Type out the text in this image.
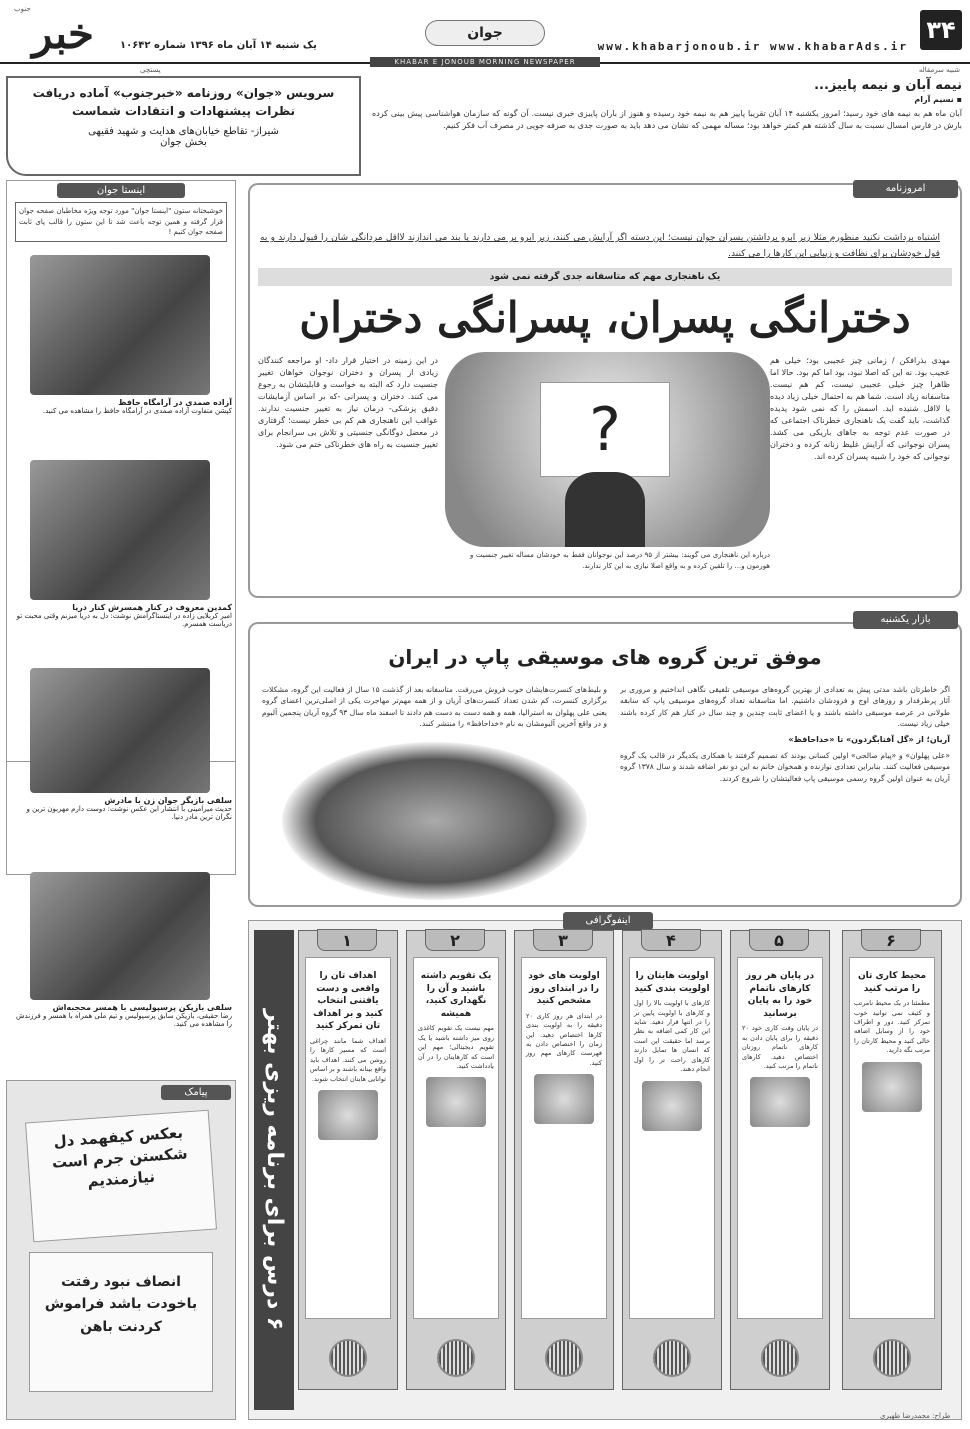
۳۴
www.khabarjonoub.ir www.khabarAds.ir
جوان
KHABAR E JONOUB MORNING NEWSPAPER
یک شنبه ۱۴ آبان ماه ۱۳۹۶ شماره ۱۰۶۴۲
خبر
جنوب
شبیه سرمقاله
پستچی
نیمه آبان و نیمه پاییز...
▪ نسیم آرام
آبان ماه هم به نیمه های خود رسید؛ امروز یکشنبه ۱۴ آبان تقریبا پاییز هم به نیمه خود رسیده و هنوز از باران پاییزی خبری نیست. آن گونه که سازمان هواشناسی پیش بینی کرده بارش در فارس امسال نسبت به سال گذشته هم کمتر خواهد بود؛ مساله مهمی که نشان می دهد باید به صورت جدی به صرفه جویی در مصرف آب فکر کنیم.
سرویس «جوان» روزنامه «خبرجنوب» آماده دریافت نظرات پیشنهادات و انتقادات شماست
شیراز- تقاطع خیابان‌های هدایت و شهید فقیهی
بخش جوان
اینستا جوان
خوشبختانه ستون "اینستا جوان" مورد توجه ویژه مخاطبان صفحه جوان قرار گرفته و همین توجه باعث شد تا این ستون را قالب پای ثابت صفحه جوان کنیم !
آزاده صمدی در آرامگاه حافظ
کپشن متفاوت آزاده صمدی در آرامگاه حافظ را مشاهده می کنید.
کمدین معروف در کنار همسرش کنار دریا
امیر کربلایی زاده در اینستاگرامش نوشت: دل به دریا میزنم وقتی محبت تو دریاست همسرم.
سلفی بازیگر جوان زن با مادرش
حدیث میرامینی با انتشار این عکس نوشت: دوست دارم مهربون ترین و نگران ترین مادر دنیا.
سلفی بازیکن پرسپولیسی با همسر محجبه‌اش
رضا حقیقی، بازیکن سابق پرسپولیس و تیم ملی همراه با همسر و فرزندش را مشاهده می کنید.
پیامک
بعکس کیفهمد دل شکستن جرم است نیازمندیم
انصاف نبود رفتت باخودت باشد فراموش کردنت باهن
امروزنامه
اشتباه برداشت نکنید منظورم مثلا زیر ابرو برداشتن پسران جوان نیست؛ این دسته اگر آرایش می کنند، زیر ابرو بر می دارند یا بند می اندازند لااقل مردانگی شان را قبول دارند و به قول خودشان برای نظافت و زیبایی این کارها را می کنند.
یک ناهنجاری مهم که متاسفانه جدی گرفته نمی شود
دخترانگی پسران، پسرانگی دختران
مهدی بذرافکن / زمانی چیز عجیبی بود؛ خیلی هم عجیب بود. نه این که اصلا نبود، بود اما کم بود. حالا اما ظاهرا چیز خیلی عجیبی نیست، کم هم نیست. متاسفانه زیاد است. شما هم به احتمال خیلی زیاد دیده یا لااقل شنیده اید. اسمش را که نمی شود پدیده گذاشت، باید گفت یک ناهنجاری خطرناک اجتماعی که در صورت عدم توجه به جاهای باریکی می کشد. پسران نوجوانی که آرایش غلیظ زنانه کرده و دختران نوجوانی که خود را شبیه پسران کرده اند.
در این زمینه در اختیار قرار داد- او مراجعه کنندگان زیادی از پسران و دختران نوجوان خواهان تغییر جنسیت دارد که البته به خواست و قابلیتشان به رجوع می کنند. دختران و پسرانی -که بر اساس آزمایشات دقیق پزشکی- درمان نیاز به تغییر جنسیت ندارند. عواقب این ناهنجاری هم کم بی خطر نیست؛ گرفتاری در معضل دوگانگی جنسیتی و تلاش بی سرانجام برای تغییر جنسیت به راه های خطرناکی ختم می شود.	?
درباره این ناهنجاری می گویند: بیشتر از ۹۵ درصد این نوجوانان فقط به خودشان مساله تغییر جنسیت و هورمون و... را تلقین کرده و به واقع اصلا نیازی به این کار ندارند.
بازار یکشنبه
موفق ترین گروه های موسیقی پاپ در ایران
اگر خاطرتان باشد مدتی پیش به تعدادی از بهترین گروه‌های موسیقی تلفیقی نگاهی انداختیم و مروری بر آثار پرطرفدار و روزهای اوج و فرودشان داشتیم. اما متاسفانه تعداد گروه‌های موسیقی پاپ که سابقه طولانی در عرصه موسیقی داشته باشند و یا اعضای ثابت چندین و چند سال در کنار هم کار کرده باشند خیلی زیاد نیست.
آریان؛ از «گل آفتابگردون» تا «خداحافظ»
«علی پهلوان» و «پیام صالحی» اولین کسانی بودند که تصمیم گرفتند با همکاری یکدیگر در قالب یک گروه موسیقی فعالیت کنند. بنابراین تعدادی نوازنده و همخوان خانم به این دو نفر اضافه شدند و سال ۱۳۷۸ گروه آریان به عنوان اولین گروه رسمی موسیقی پاپ فعالیتشان را شروع کردند.
و بلیط‌های کنسرت‌هایشان خوب فروش می‌رفت. متاسفانه بعد از گذشت ۱۵ سال از فعالیت این گروه، مشکلات برگزاری کنسرت، کم شدن تعداد کنسرت‌های آریان و از همه مهم‌تر مهاجرت یکی از اصلی‌ترین اعضای گروه یعنی علی پهلوان به استرالیا، همه و همه دست به دست هم دادند تا اسفند ماه سال ۹۳ گروه آریان پنجمین آلبوم و در واقع آخرین آلبومشان به نام «خداحافظ» را منتشر کنند.
اینفوگرافی
۶ درس برای برنامه ریزی بهتر
طراح: محمدرضا ظهیری
۱
اهداف تان را واقعی و دست یافتنی انتخاب کنید و بر اهداف تان تمرکز کنید

اهداف شما مانند چراغی است که مسیر کارها را روشن می کنند. اهداف باید واقع بینانه باشند و بر اساس توانایی هایتان انتخاب شوند.

۲
یک تقویم داشته باشید و آن را نگهداری کنید، همیشه

مهم نیست یک تقویم کاغذی روی میز داشته باشید یا یک تقویم دیجیتالی؛ مهم این است که کارهایتان را در آن یادداشت کنید.

۳
اولویت های خود را در ابتدای روز مشخص کنید

در ابتدای هر روز کاری ۲۰ دقیقه را به اولویت بندی کارها اختصاص دهید. این زمان را اختصاص دادن به فهرست کارهای مهم روز کنید.

۴
اولویت هایتان را اولویت بندی کنید

کارهای با اولویت بالا را اول و کارهای با اولویت پایین تر را در انتها قرار دهید. شاید این کار کمی اضافه به نظر برسد اما حقیقت این است که انسان ها تمایل دارند کارهای راحت تر را اول انجام دهند.

۵
در پایان هر روز کارهای ناتمام خود را به پایان برسانید

در پایان وقت کاری خود ۲۰ دقیقه را برای پایان دادن به کارهای ناتمام روزتان اختصاص دهید. کارهای ناتمام را مرتب کنید.

۶
محیط کاری تان را مرتب کنید

مطمئنا در یک محیط نامرتب و کثیف نمی توانید خوب تمرکز کنید. دور و اطراف خود را از وسایل اضافه خالی کنید و محیط کارتان را مرتب نگه دارید.
